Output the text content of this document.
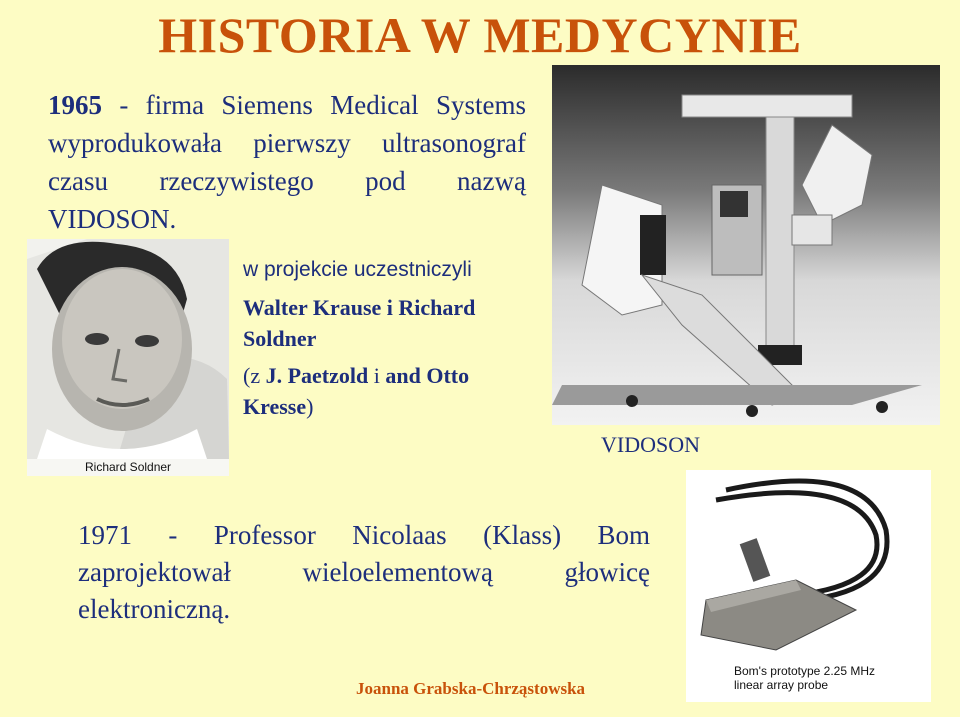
HISTORIA W MEDYCYNIE
1965 - firma Siemens Medical Systems wyprodukowała pierwszy ultrasonograf czasu rzeczywistego pod nazwą VIDOSON.
Richard Soldner
w projekcie uczestniczyli
Walter Krause i Richard Soldner
(z J. Paetzold i and Otto Kresse)
VIDOSON
1971 - Professor Nicolaas (Klass) Bom zaprojektował wieloelementową głowicę elektroniczną.
Bom's prototype 2.25 MHz
linear array probe
Joanna Grabska-Chrząstowska
